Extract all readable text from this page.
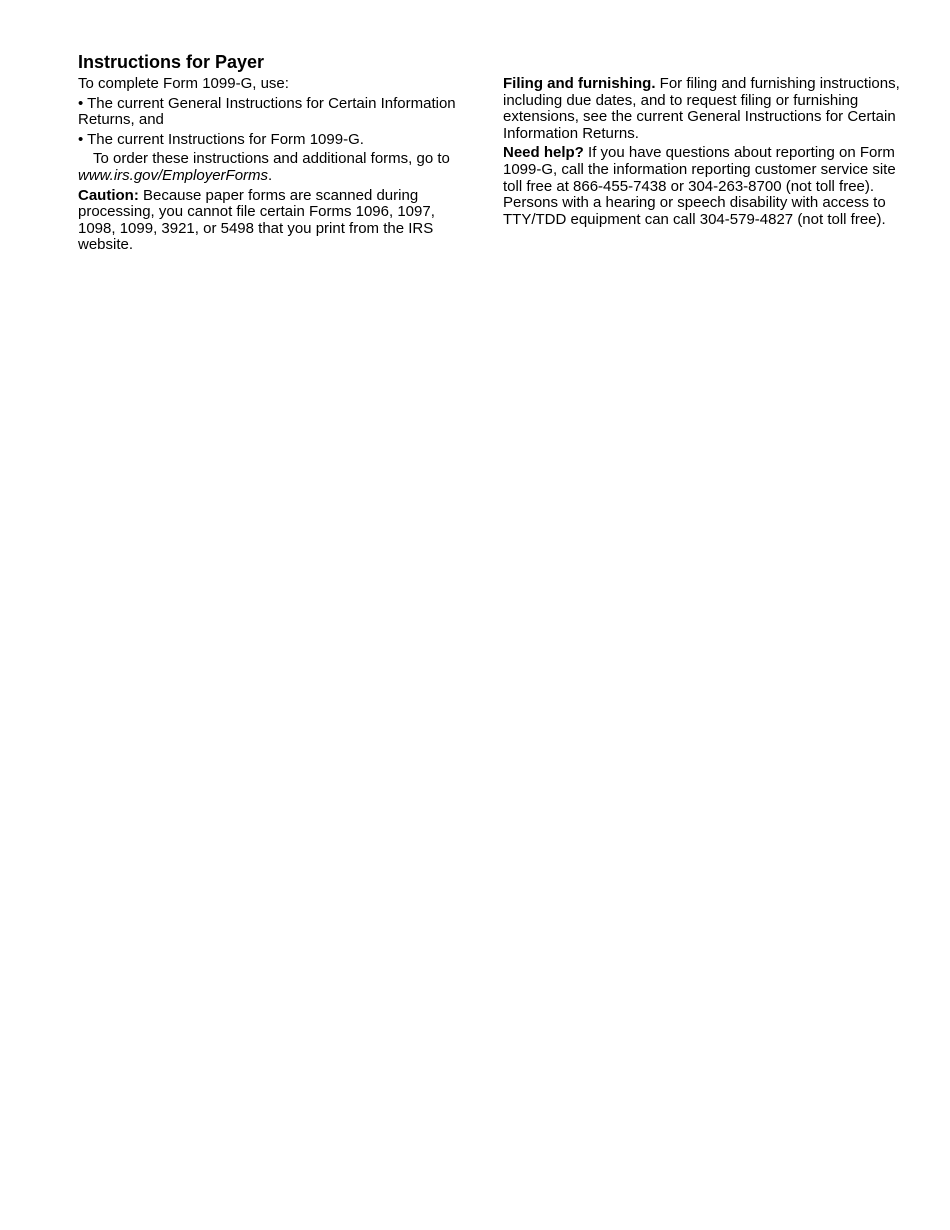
Instructions for Payer

To complete Form 1099-G, use:

• The current General Instructions for Certain Information Returns, and

• The current Instructions for Form 1099-G.

To order these instructions and additional forms, go to www.irs.gov/EmployerForms.

Caution: Because paper forms are scanned during processing, you cannot file certain Forms 1096, 1097, 1098, 1099, 3921, or 5498 that you print from the IRS website.

Filing and furnishing. For filing and furnishing instructions, including due dates, and to request filing or furnishing extensions, see the current General Instructions for Certain Information Returns.

Need help? If you have questions about reporting on Form 1099-G, call the information reporting customer service site toll free at 866-455-7438 or 304-263-8700 (not toll free). Persons with a hearing or speech disability with access to TTY/TDD equipment can call 304-579-4827 (not toll free).
